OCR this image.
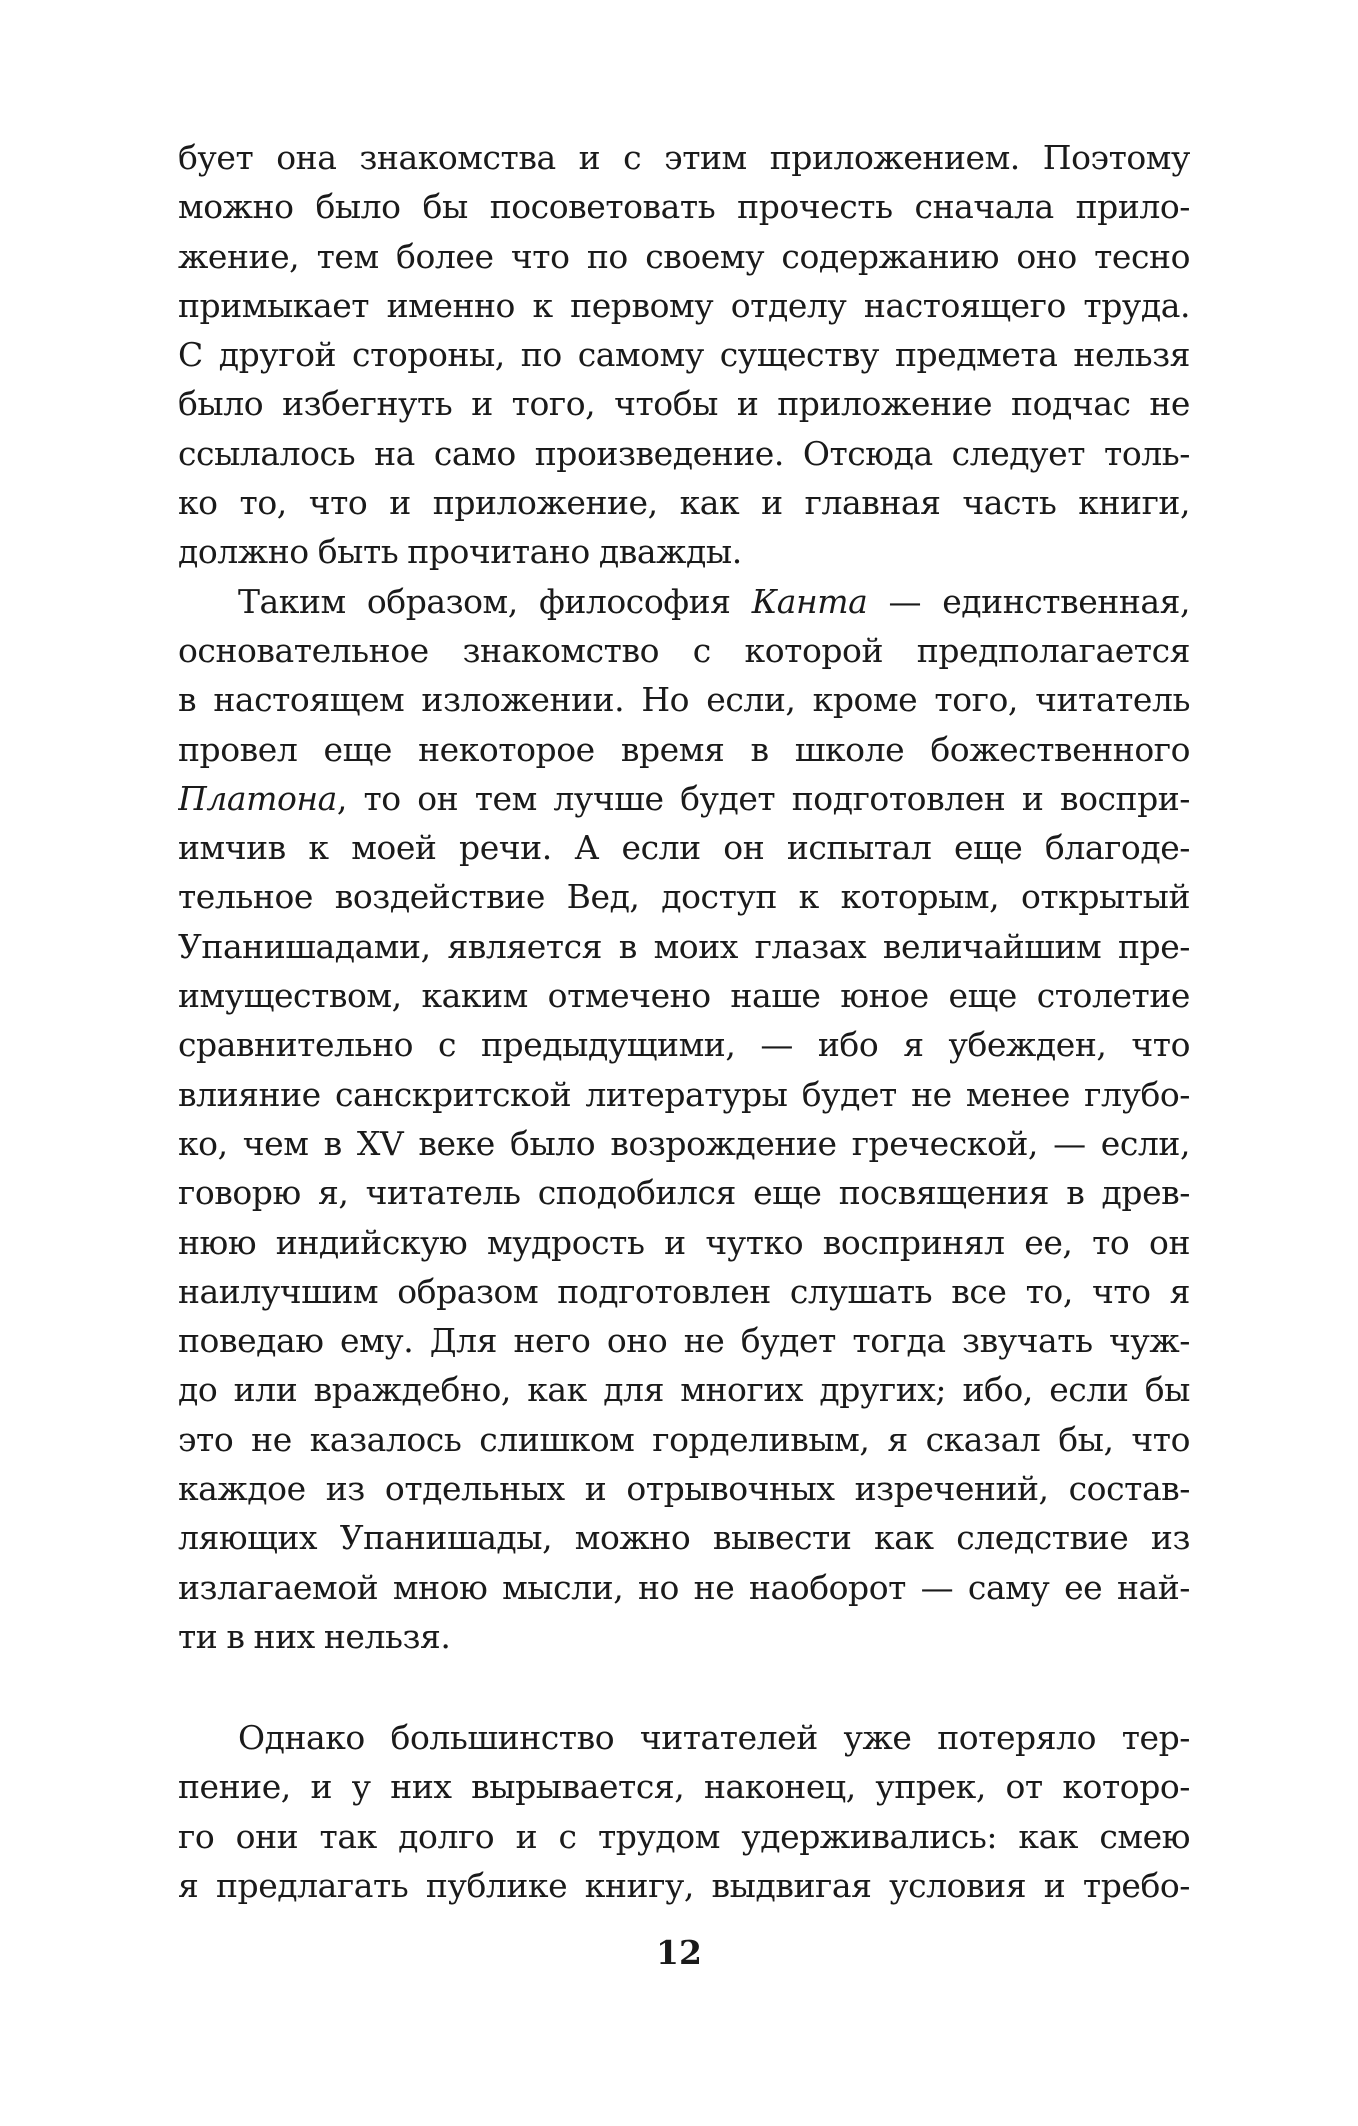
бует она знакомства и с этим приложением. Поэтому
можно было бы посоветовать прочесть сначала прило-
жение, тем более что по своему содержанию оно тесно
примыкает именно к первому отделу настоящего труда.
С другой стороны, по самому существу предмета нельзя
было избегнуть и того, чтобы и приложение подчас не
ссылалось на само произведение. Отсюда следует толь-
ко то, что и приложение, как и главная часть книги,
должно быть прочитано дважды.
Таким образом, философия Канта — единственная,
основательное знакомство с которой предполагается
в настоящем изложении. Но если, кроме того, читатель
провел еще некоторое время в школе божественного
Платона, то он тем лучше будет подготовлен и воспри-
имчив к моей речи. А если он испытал еще благоде-
тельное воздействие Вед, доступ к которым, открытый
Упанишадами, является в моих глазах величайшим пре-
имуществом, каким отмечено наше юное еще столетие
сравнительно с предыдущими, — ибо я убежден, что
влияние санскритской литературы будет не менее глубо-
ко, чем в XV веке было возрождение греческой, — если,
говорю я, читатель сподобился еще посвящения в древ-
нюю индийскую мудрость и чутко воспринял ее, то он
наилучшим образом подготовлен слушать все то, что я
поведаю ему. Для него оно не будет тогда звучать чуж-
до или враждебно, как для многих других; ибо, если бы
это не казалось слишком горделивым, я сказал бы, что
каждое из отдельных и отрывочных изречений, состав-
ляющих Упанишады, можно вывести как следствие из
излагаемой мною мысли, но не наоборот — саму ее най-
ти в них нельзя.
Однако большинство читателей уже потеряло тер-
пение, и у них вырывается, наконец, упрек, от которо-
го они так долго и с трудом удерживались: как смею
я предлагать публике книгу, выдвигая условия и требо-
12
